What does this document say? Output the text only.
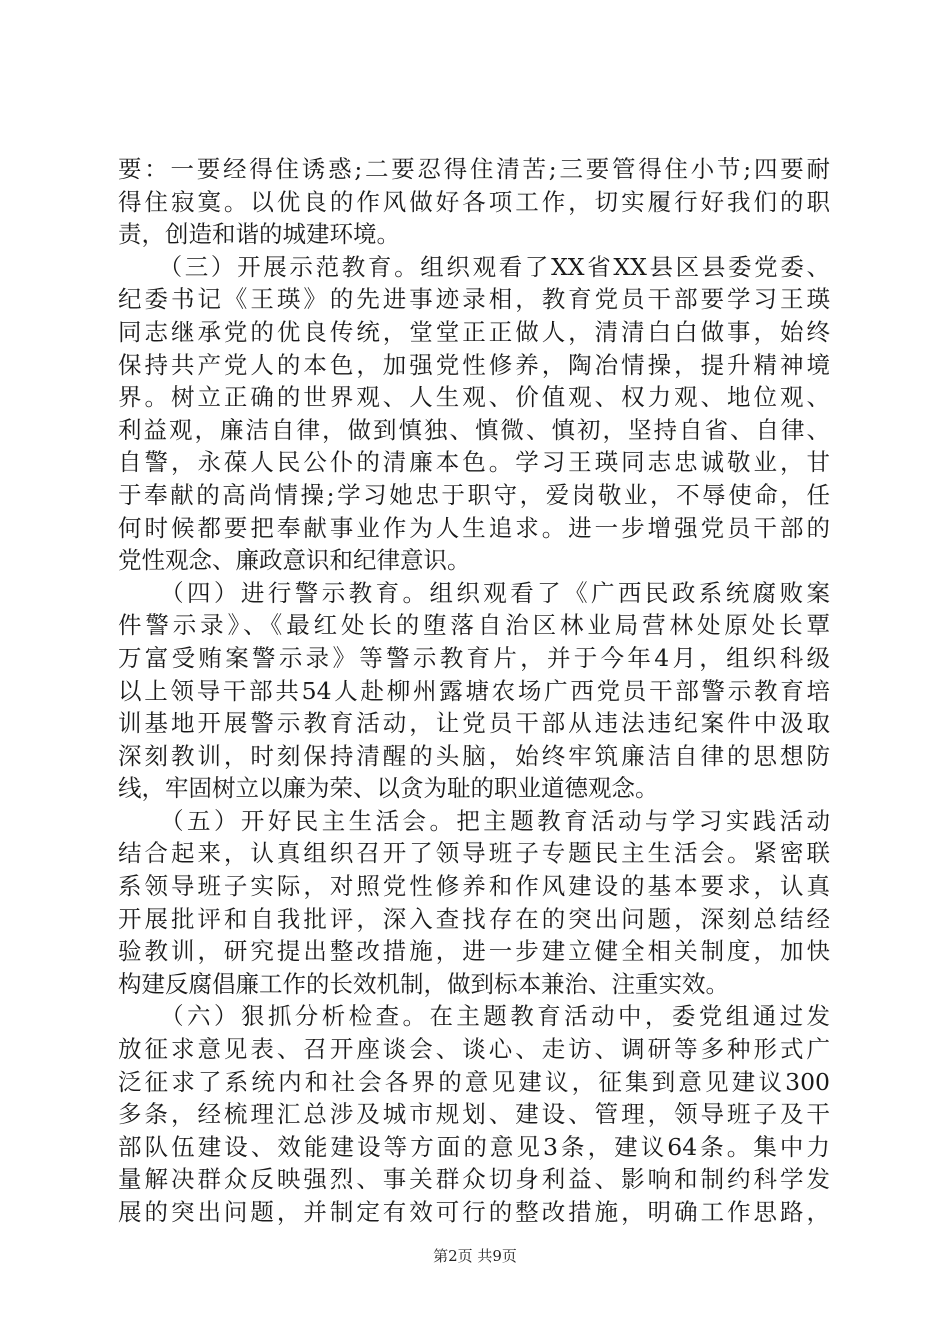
要：一要经得住诱惑;二要忍得住清苦;三要管得住小节;四要耐
得住寂寞。以优良的作风做好各项工作，切实履行好我们的职
责，创造和谐的城建环境。
　　（三）开展示范教育。组织观看了XX省XX县区县委党委、
纪委书记《王瑛》的先进事迹录相，教育党员干部要学习王瑛
同志继承党的优良传统，堂堂正正做人，清清白白做事，始终
保持共产党人的本色，加强党性修养，陶冶情操，提升精神境
界。树立正确的世界观、人生观、价值观、权力观、地位观、
利益观，廉洁自律，做到慎独、慎微、慎初，坚持自省、自律、
自警，永葆人民公仆的清廉本色。学习王瑛同志忠诚敬业，甘
于奉献的高尚情操;学习她忠于职守，爱岗敬业，不辱使命，任
何时候都要把奉献事业作为人生追求。进一步增强党员干部的
党性观念、廉政意识和纪律意识。
　　（四）进行警示教育。组织观看了《广西民政系统腐败案
件警示录》、《最红处长的堕落自治区林业局营林处原处长覃
万富受贿案警示录》等警示教育片，并于今年4月，组织科级
以上领导干部共54人赴柳州露塘农场广西党员干部警示教育培
训基地开展警示教育活动，让党员干部从违法违纪案件中汲取
深刻教训，时刻保持清醒的头脑，始终牢筑廉洁自律的思想防
线，牢固树立以廉为荣、以贪为耻的职业道德观念。
　　（五）开好民主生活会。把主题教育活动与学习实践活动
结合起来，认真组织召开了领导班子专题民主生活会。紧密联
系领导班子实际，对照党性修养和作风建设的基本要求，认真
开展批评和自我批评，深入查找存在的突出问题，深刻总结经
验教训，研究提出整改措施，进一步建立健全相关制度，加快
构建反腐倡廉工作的长效机制，做到标本兼治、注重实效。
　　（六）狠抓分析检查。在主题教育活动中，委党组通过发
放征求意见表、召开座谈会、谈心、走访、调研等多种形式广
泛征求了系统内和社会各界的意见建议，征集到意见建议300
多条，经梳理汇总涉及城市规划、建设、管理，领导班子及干
部队伍建设、效能建设等方面的意见3条，建议64条。集中力
量解决群众反映强烈、事关群众切身利益、影响和制约科学发
展的突出问题，并制定有效可行的整改措施，明确工作思路，
第2页 共9页
